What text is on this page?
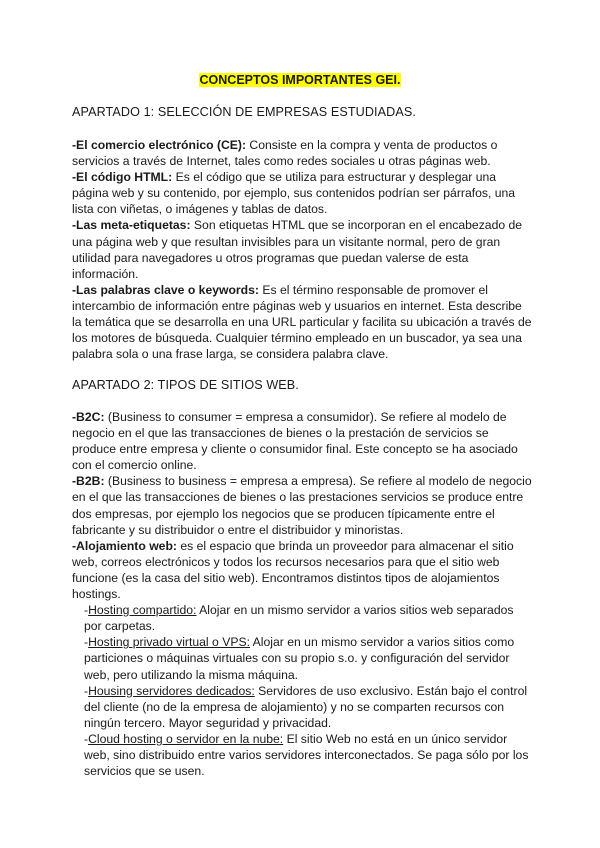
CONCEPTOS IMPORTANTES GEI.
APARTADO 1: SELECCIÓN DE EMPRESAS ESTUDIADAS.

-El comercio electrónico (CE): Consiste en la compra y venta de productos o servicios a través de Internet, tales como redes sociales u otras páginas web.

-El código HTML: Es el código que se utiliza para estructurar y desplegar una página web y su contenido, por ejemplo, sus contenidos podrían ser párrafos, una lista con viñetas, o imágenes y tablas de datos.

-Las meta-etiquetas: Son etiquetas HTML que se incorporan en el encabezado de una página web y que resultan invisibles para un visitante normal, pero de gran utilidad para navegadores u otros programas que puedan valerse de esta información.

-Las palabras clave o keywords: Es el término responsable de promover el intercambio de información entre páginas web y usuarios en internet. Esta describe la temática que se desarrolla en una URL particular y facilita su ubicación a través de los motores de búsqueda. Cualquier término empleado en un buscador, ya sea una palabra sola o una frase larga, se considera palabra clave.

APARTADO 2: TIPOS DE SITIOS WEB.

-B2C: (Business to consumer = empresa a consumidor). Se refiere al modelo de negocio en el que las transacciones de bienes o la prestación de servicios se produce entre empresa y cliente o consumidor final. Este concepto se ha asociado con el comercio online.

-B2B: (Business to business = empresa a empresa). Se refiere al modelo de negocio en el que las transacciones de bienes o las prestaciones servicios se produce entre dos empresas, por ejemplo los negocios que se producen típicamente entre el fabricante y su distribuidor o entre el distribuidor y minoristas.

-Alojamiento web: es el espacio que brinda un proveedor para almacenar el sitio web, correos electrónicos y todos los recursos necesarios para que el sitio web funcione (es la casa del sitio web). Encontramos distintos tipos de alojamientos hostings.

-Hosting compartido: Alojar en un mismo servidor a varios sitios web separados por carpetas.

-Hosting privado virtual o VPS: Alojar en un mismo servidor a varios sitios como particiones o máquinas virtuales con su propio s.o. y configuración del servidor web, pero utilizando la misma máquina.

-Housing servidores dedicados: Servidores de uso exclusivo. Están bajo el control del cliente (no de la empresa de alojamiento) y no se comparten recursos con ningún tercero. Mayor seguridad y privacidad.

-Cloud hosting o servidor en la nube: El sitio Web no está en un único servidor web, sino distribuido entre varios servidores interconectados. Se paga sólo por los servicios que se usen.
